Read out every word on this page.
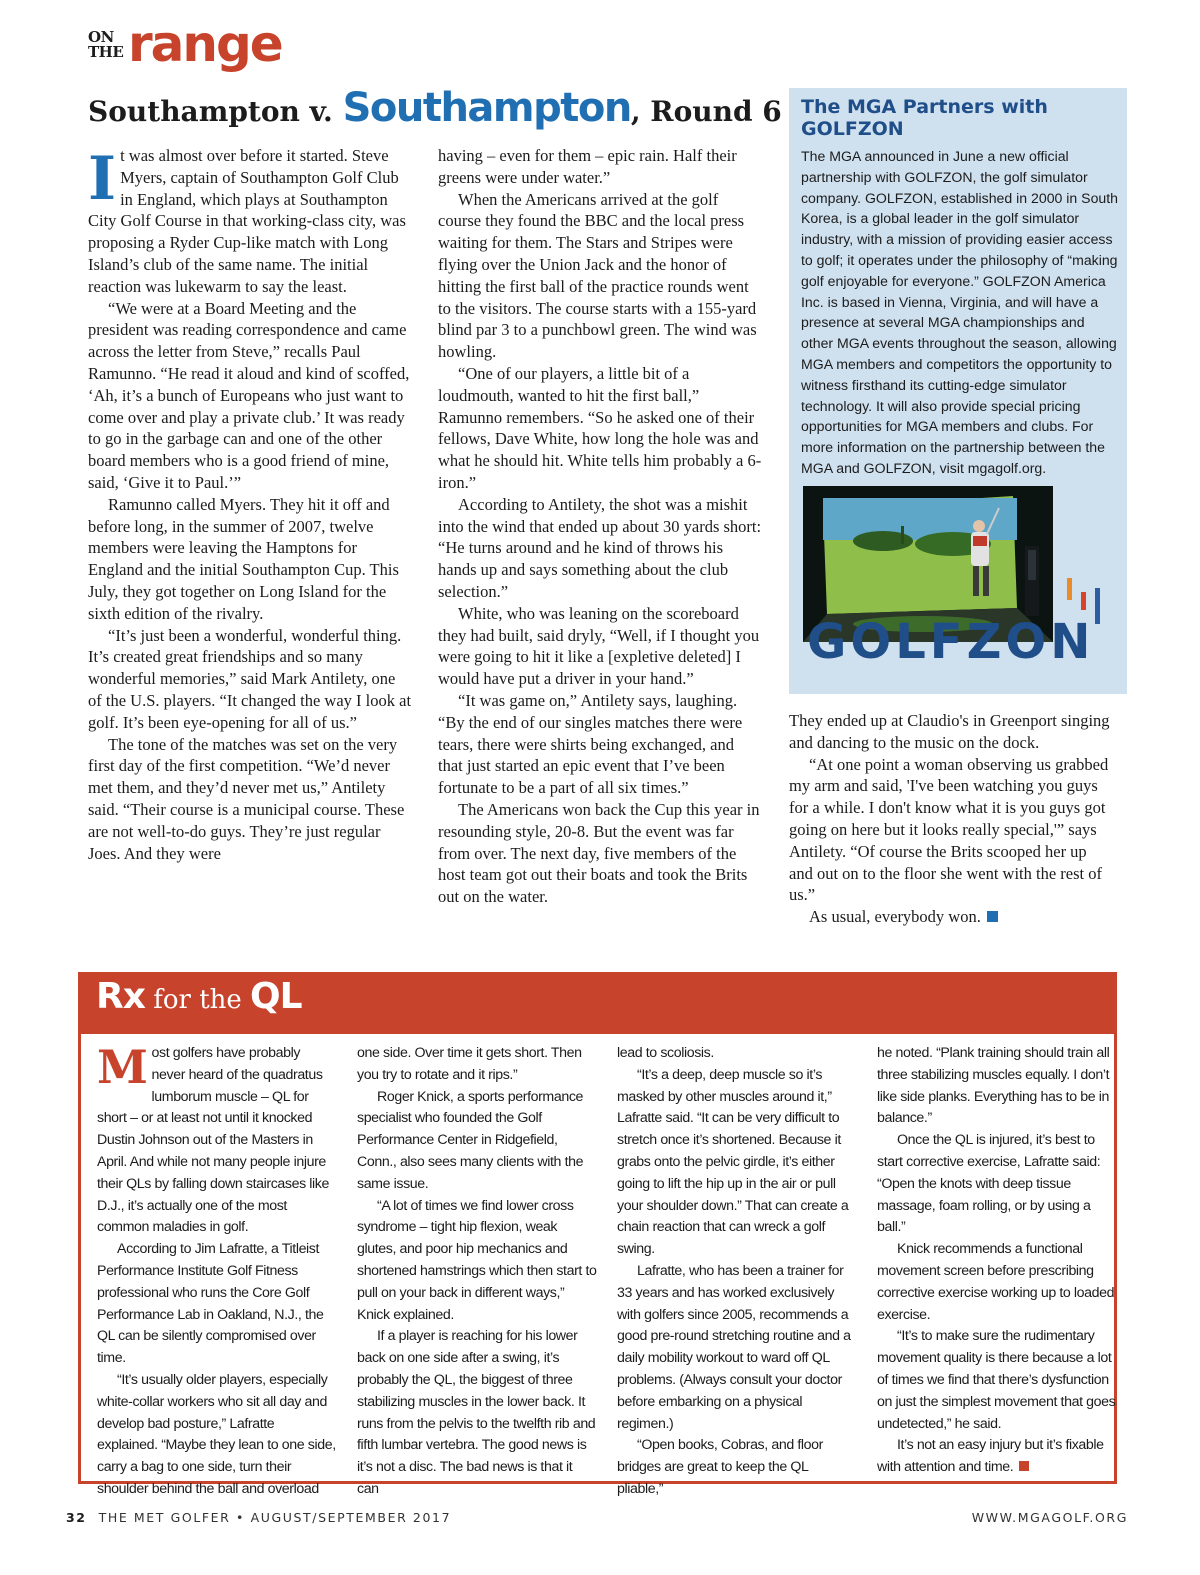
ON THE range
Southampton v. Southampton, Round 6
I t was almost over before it started. Steve Myers, captain of Southampton Golf Club in England, which plays at Southampton City Golf Course in that working-class city, was proposing a Ryder Cup-like match with Long Island’s club of the same name. The initial reaction was lukewarm to say the least.

“We were at a Board Meeting and the president was reading correspondence and came across the letter from Steve,” recalls Paul Ramunno. “He read it aloud and kind of scoffed, ‘Ah, it’s a bunch of Europeans who just want to come over and play a private club.’ It was ready to go in the garbage can and one of the other board members who is a good friend of mine, said, ‘Give it to Paul.’”

Ramunno called Myers. They hit it off and before long, in the summer of 2007, twelve members were leaving the Hamptons for England and the initial Southampton Cup. This July, they got together on Long Island for the sixth edition of the rivalry.

“It’s just been a wonderful, wonderful thing. It’s created great friendships and so many wonderful memories,” said Mark Antilety, one of the U.S. players. “It changed the way I look at golf. It’s been eye-opening for all of us.”

The tone of the matches was set on the very first day of the first competition. “We’d never met them, and they’d never met us,” Antilety said. “Their course is a municipal course. These are not well-to-do guys. They’re just regular Joes. And they were

having – even for them – epic rain. Half their greens were under water.”

When the Americans arrived at the golf course they found the BBC and the local press waiting for them. The Stars and Stripes were flying over the Union Jack and the honor of hitting the first ball of the practice rounds went to the visitors. The course starts with a 155-yard blind par 3 to a punchbowl green. The wind was howling.

“One of our players, a little bit of a loudmouth, wanted to hit the first ball,” Ramunno remembers. “So he asked one of their fellows, Dave White, how long the hole was and what he should hit. White tells him probably a 6-iron.”

According to Antilety, the shot was a mishit into the wind that ended up about 30 yards short: “He turns around and he kind of throws his hands up and says something about the club selection.”

White, who was leaning on the scoreboard they had built, said dryly, “Well, if I thought you were going to hit it like a [expletive deleted] I would have put a driver in your hand.”

“It was game on,” Antilety says, laughing. “By the end of our singles matches there were tears, there were shirts being exchanged, and that just started an epic event that I’ve been fortunate to be a part of all six times.”

The Americans won back the Cup this year in resounding style, 20-8. But the event was far from over. The next day, five members of the host team got out their boats and took the Brits out on the water.

They ended up at Claudio's in Greenport singing and dancing to the music on the dock.

“At one point a woman observing us grabbed my arm and said, 'I've been watching you guys for a while. I don't know what it is you guys got going on here but it looks really special,'” says Antilety. “Of course the Brits scooped her up and out on to the floor she went with the rest of us.”

As usual, everybody won.

The MGA Partners with GOLFZON

The MGA announced in June a new official partnership with GOLFZON, the golf simulator company. GOLFZON, established in 2000 in South Korea, is a global leader in the golf simulator industry, with a mission of providing easier access to golf; it operates under the philosophy of “making golf enjoyable for everyone.” GOLFZON America Inc. is based in Vienna, Virginia, and will have a presence at several MGA championships and other MGA events throughout the season, allowing MGA members and competitors the opportunity to witness firsthand its cutting-edge simulator technology. It will also provide special pricing opportunities for MGA members and clubs. For more information on the partnership between the MGA and GOLFZON, visit mgagolf.org.

GOLFZON
Rx for the QL
M ost golfers have probably never heard of the quadratus lumborum muscle – QL for short – or at least not until it knocked Dustin Johnson out of the Masters in April. And while not many people injure their QLs by falling down staircases like D.J., it’s actually one of the most common maladies in golf.

According to Jim Lafratte, a Titleist Performance Institute Golf Fitness professional who runs the Core Golf Performance Lab in Oakland, N.J., the QL can be silently compromised over time.

“It’s usually older players, especially white-collar workers who sit all day and develop bad posture,” Lafratte explained. “Maybe they lean to one side, carry a bag to one side, turn their shoulder behind the ball and overload

one side. Over time it gets short. Then you try to rotate and it rips.”

Roger Knick, a sports performance specialist who founded the Golf Performance Center in Ridgefield, Conn., also sees many clients with the same issue.

“A lot of times we find lower cross syndrome – tight hip flexion, weak glutes, and poor hip mechanics and shortened hamstrings which then start to pull on your back in different ways,” Knick explained.

If a player is reaching for his lower back on one side after a swing, it’s probably the QL, the biggest of three stabilizing muscles in the lower back. It runs from the pelvis to the twelfth rib and fifth lumbar vertebra. The good news is it’s not a disc. The bad news is that it can

lead to scoliosis.

“It’s a deep, deep muscle so it’s masked by other muscles around it,” Lafratte said. “It can be very difficult to stretch once it’s shortened. Because it grabs onto the pelvic girdle, it’s either going to lift the hip up in the air or pull your shoulder down.” That can create a chain reaction that can wreck a golf swing.

Lafratte, who has been a trainer for 33 years and has worked exclusively with golfers since 2005, recommends a good pre-round stretching routine and a daily mobility workout to ward off QL problems. (Always consult your doctor before embarking on a physical regimen.)

“Open books, Cobras, and floor bridges are great to keep the QL pliable,”

he noted. “Plank training should train all three stabilizing muscles equally. I don’t like side planks. Everything has to be in balance.”

Once the QL is injured, it’s best to start corrective exercise, Lafratte said: “Open the knots with deep tissue massage, foam rolling, or by using a ball.”

Knick recommends a functional movement screen before prescribing corrective exercise working up to loaded exercise.

“It’s to make sure the rudimentary movement quality is there because a lot of times we find that there’s dysfunction on just the simplest movement that goes undetected,” he said.

It’s not an easy injury but it’s fixable with attention and time.

32 THE MET GOLFER • AUGUST/SEPTEMBER 2017	WWW.MGAGOLF.ORG
